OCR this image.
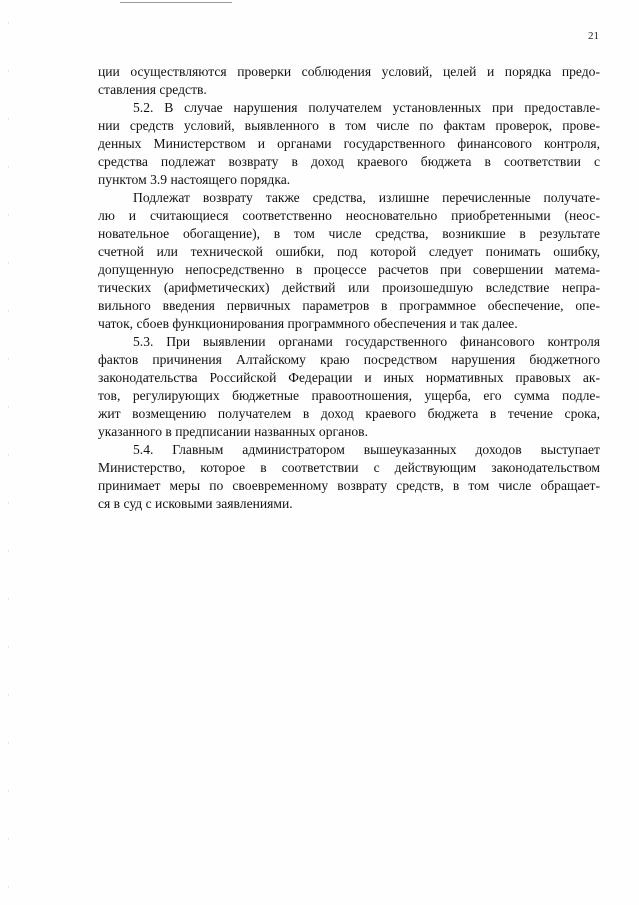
21

ции осуществляются проверки соблюдения условий, целей и порядка предо-
ставления средств.

5.2. В случае нарушения получателем установленных при предоставле-
нии средств условий, выявленного в том числе по фактам проверок, прове-
денных Министерством и органами государственного финансового контроля,
средства подлежат возврату в доход краевого бюджета в соответствии с
пунктом 3.9 настоящего порядка.

Подлежат возврату также средства, излишне перечисленные получате-
лю и считающиеся соответственно неосновательно приобретенными (неос-
новательное обогащение), в том числе средства, возникшие в результате
счетной или технической ошибки, под которой следует понимать ошибку,
допущенную непосредственно в процессе расчетов при совершении матема-
тических (арифметических) действий или произошедшую вследствие непра-
вильного введения первичных параметров в программное обеспечение, опе-
чаток, сбоев функционирования программного обеспечения и так далее.

5.3. При выявлении органами государственного финансового контроля
фактов причинения Алтайскому краю посредством нарушения бюджетного
законодательства Российской Федерации и иных нормативных правовых ак-
тов, регулирующих бюджетные правоотношения, ущерба, его сумма подле-
жит возмещению получателем в доход краевого бюджета в течение срока,
указанного в предписании названных органов.

5.4. Главным администратором вышеуказанных доходов выступает
Министерство, которое в соответствии с действующим законодательством
принимает меры по своевременному возврату средств, в том числе обращает-
ся в суд с исковыми заявлениями.
